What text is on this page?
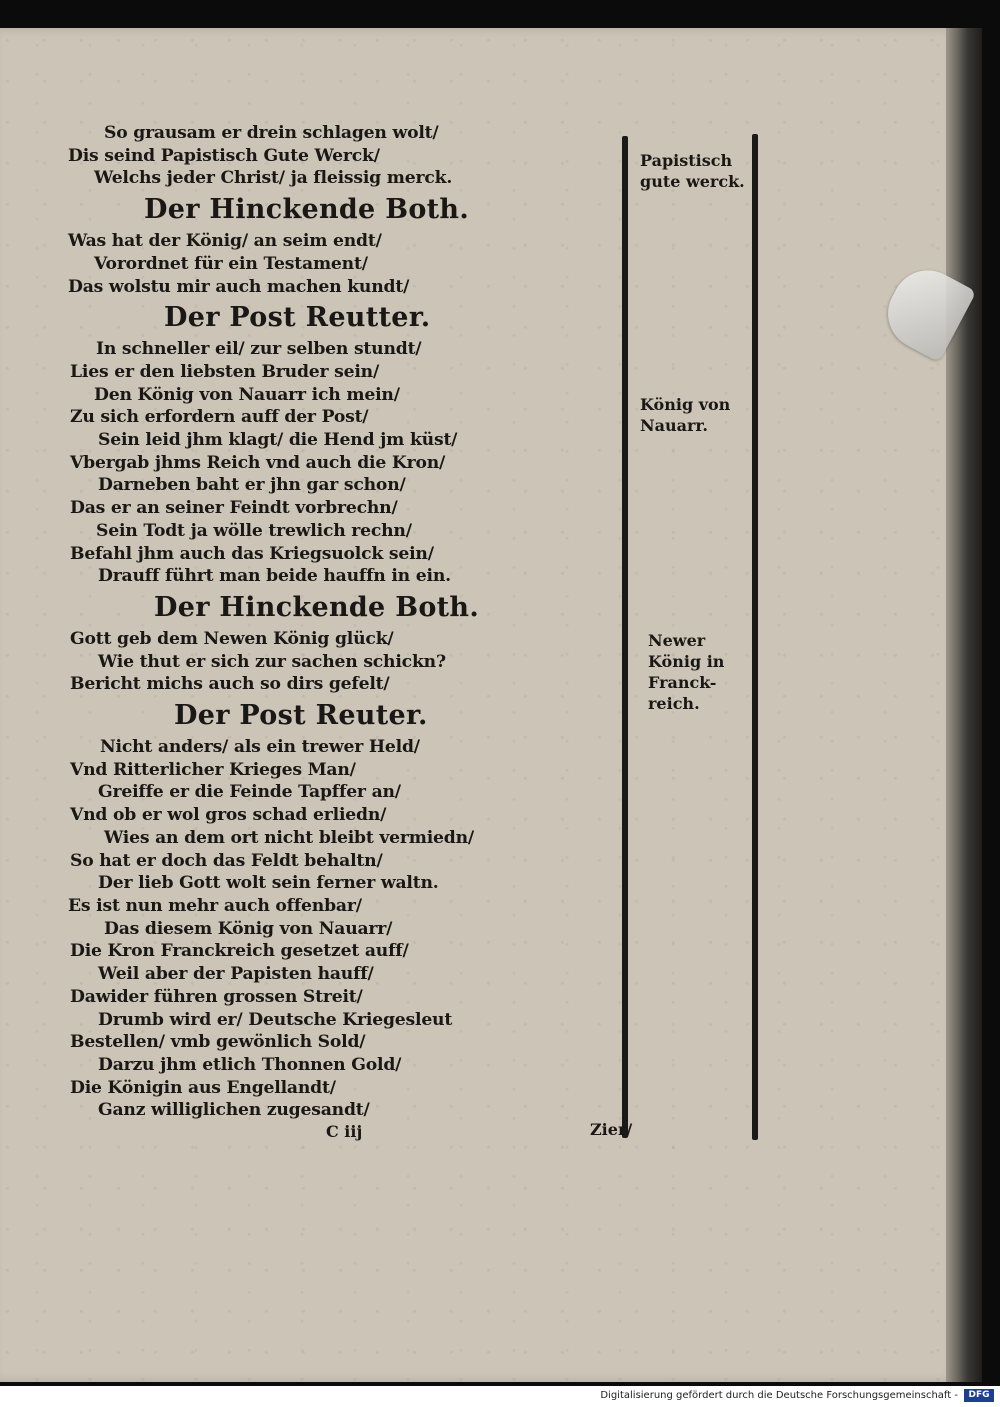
So grausam er drein schlagen wolt/
Dis seind Papistisch Gute Werck/
Welchs jeder Christ/ ja fleissig merck.
Der Hinckende Both.
Was hat der König/ an seim endt/
Vorordnet für ein Testament/
Das wolstu mir auch machen kundt/
Der Post Reutter.
In schneller eil/ zur selben stundt/
Lies er den liebsten Bruder sein/
Den König von Nauarr ich mein/
Zu sich erfordern auff der Post/
Sein leid jhm klagt/ die Hend jm küst/
Vbergab jhms Reich vnd auch die Kron/
Darneben baht er jhn gar schon/
Das er an seiner Feindt vorbrechn/
Sein Todt ja wölle trewlich rechn/
Befahl jhm auch das Kriegsuolck sein/
Drauff führt man beide hauffn in ein.
Der Hinckende Both.
Gott geb dem Newen König glück/
Wie thut er sich zur sachen schickn?
Bericht michs auch so dirs gefelt/
Der Post Reuter.
Nicht anders/ als ein trewer Held/
Vnd Ritterlicher Krieges Man/
Greiffe er die Feinde Tapffer an/
Vnd ob er wol gros schad erliedn/
Wies an dem ort nicht bleibt vermiedn/
So hat er doch das Feldt behaltn/
Der lieb Gott wolt sein ferner waltn.
Es ist nun mehr auch offenbar/
Das diesem König von Nauarr/
Die Kron Franckreich gesetzet auff/
Weil aber der Papisten hauff/
Dawider führen grossen Streit/
Drumb wird er/ Deutsche Kriegesleut
Bestellen/ vmb gewönlich Sold/
Darzu jhm etlich Thonnen Gold/
Die Königin aus Engellandt/
Ganz williglichen zugesandt/
Papistisch
gute werck.
König von
Nauarr.
Newer
König in
Franck-
reich.
C iij	Zier/
Digitalisierung gefördert durch die Deutsche Forschungsgemeinschaft -	DFG
